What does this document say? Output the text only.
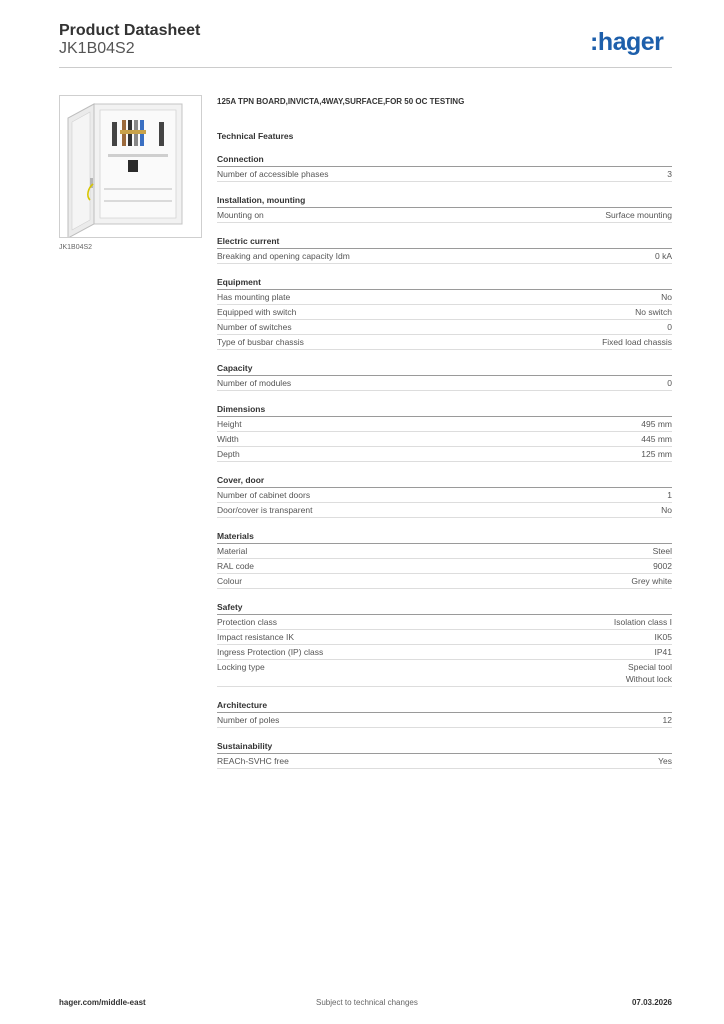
Product Datasheet
JK1B04S2	:hager
JK1B04S2
125A TPN BOARD,INVICTA,4WAY,SURFACE,FOR 50 OC TESTING
Technical Features
Connection
Number of accessible phases	3
Installation, mounting
Mounting on	Surface mounting
Electric current
Breaking and opening capacity Idm	0 kA
Equipment
Has mounting plate	No
Equipped with switch	No switch
Number of switches	0
Type of busbar chassis	Fixed load chassis
Capacity
Number of modules	0
Dimensions
Height	495 mm
Width	445 mm
Depth	125 mm
Cover, door
Number of cabinet doors	1
Door/cover is transparent	No
Materials
Material	Steel
RAL code	9002
Colour	Grey white
Safety
Protection class	Isolation class I
Impact resistance IK	IK05
Ingress Protection (IP) class	IP41
Locking type	Special tool
Without lock
Architecture
Number of poles	12
Sustainability
REACh-SVHC free	Yes
hager.com/middle-east	Subject to technical changes	07.03.2026
